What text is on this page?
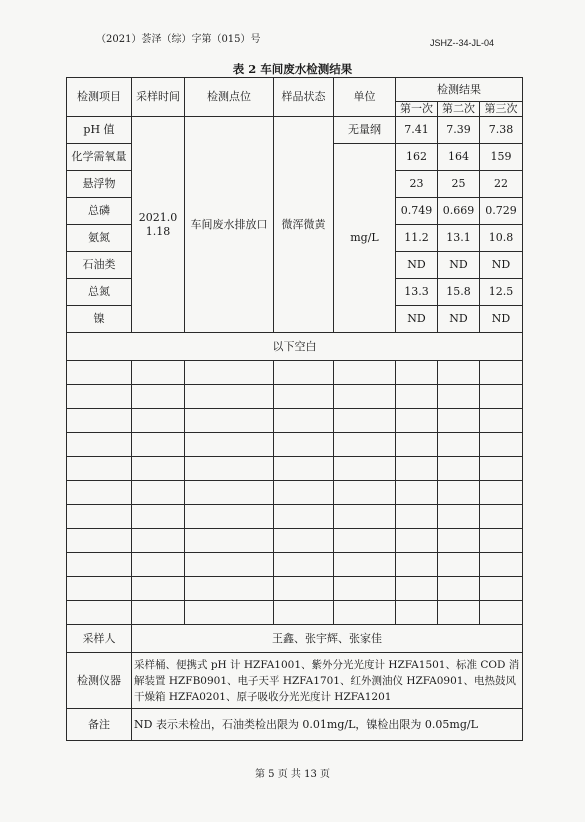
（2021）荟泽（综）字第（015）号	JSHZ--34-JL-04
表 2 车间废水检测结果
检测项目	采样时间	检测点位	样品状态	单位	检测结果		
					第一次	第二次	第三次
pH 值	2021.01.18	车间废水排放口	微浑微黄	无量纲	7.41	7.39	7.38
化学需氧量				mg/L	162	164	159
悬浮物					23	25	22
总磷					0.749	0.669	0.729
氨氮					11.2	13.1	10.8
石油类					ND	ND	ND
总氮					13.3	15.8	12.5
镍					ND	ND	ND
以下空白							

采样人	王鑫、张宇辉、张家佳						
检测仪器	采样桶、便携式 pH 计 HZFA1001、紫外分光光度计 HZFA1501、标准 COD 消解装置 HZFB0901、电子天平 HZFA1701、红外测油仪 HZFA0901、电热鼓风干燥箱 HZFA0201、原子吸收分光光度计 HZFA1201						
备注	ND 表示未检出，石油类检出限为 0.01mg/L，镍检出限为 0.05mg/L						
第 5 页 共 13 页
